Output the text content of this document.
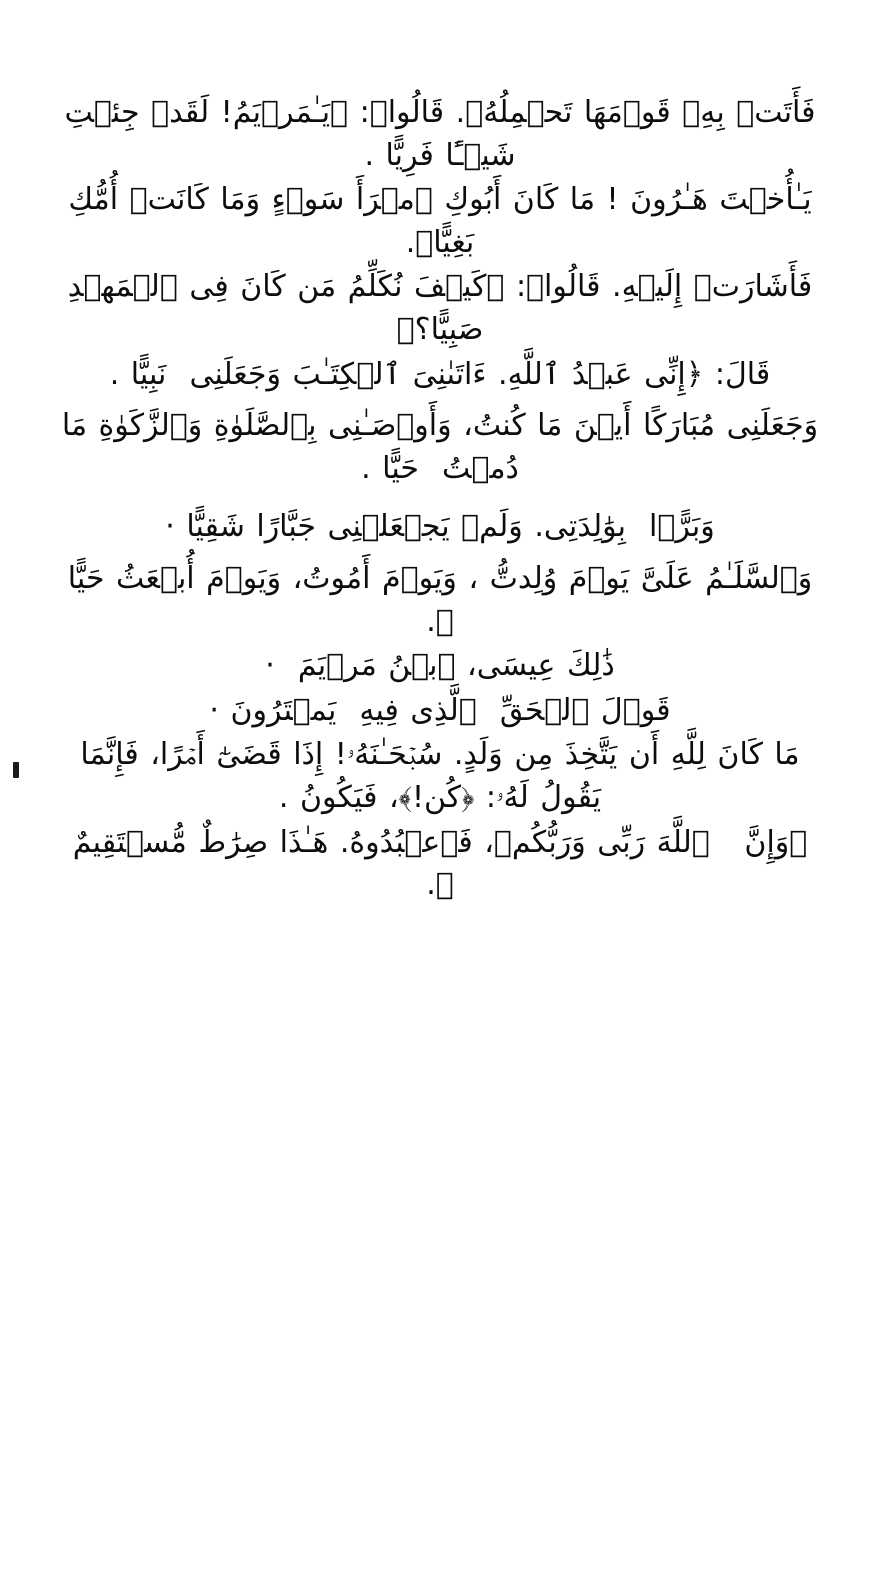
فَأَتَتۡ بِهِۦ قَوۡمَهَا تَحۡمِلُهُۥ. قَالُوا۟: ﴿يَـٰمَرۡيَمُ! لَقَدۡ جِئۡتِ شَيۡـًٔا فَرِيًّا .

يَـٰأُخۡتَ هَـٰرُونَ ! مَا كَانَ أَبُوكِ ٱمۡرَأَ سَوۡءٍ وَمَا كَانَتۡ أُمُّكِ بَغِيًّا﴾.

فَأَشَارَتۡ إِلَيۡهِ. قَالُوا۟: ﴿كَيۡفَ نُكَلِّمُ مَن كَانَ فِى ٱلۡمَهۡدِ صَبِيًّا؟﴾

قَالَ: ﴿إِنِّى عَبۡدُ ٱللَّهِ. ءَاتَىٰنِىَ ٱلۡكِتَـٰبَ وَجَعَلَنِى  نَبِيًّا .

وَجَعَلَنِى مُبَارَكًا أَيۡنَ مَا كُنتُ، وَأَوۡصَـٰنِى بِٱلصَّلَوٰةِ وَٱلزَّكَوٰةِ مَا دُمۡتُ  حَيًّا .

وَبَرًّۢا  بِوَٰلِدَتِى. وَلَمۡ يَجۡعَلۡنِى جَبَّارًا شَقِيًّا ·

وَٱلسَّلَـٰمُ عَلَىَّ يَوۡمَ وُلِدتُّ ، وَيَوۡمَ أَمُوتُ، وَيَوۡمَ أُبۡعَثُ حَيًّا   ﴾.

ذَٰلِكَ عِيسَى، ٱبۡنُ مَرۡيَمَ  ·

قَوۡلَ ٱلۡحَقِّ  ٱلَّذِى فِيهِ  يَمۡتَرُونَ ·

مَا كَانَ لِلَّهِ أَن يَتَّخِذَ مِن وَلَدٍ. سُبۡحَـٰنَهُۥ! إِذَا قَضَىٰٓ أَمۡرًا، فَإِنَّمَا يَقُولُ لَهُۥ: ﴿كُن!﴾، فَيَكُونُ .

﴿وَإِنَّ   ٱللَّهَ رَبِّى وَرَبُّكُمۡ، فَٱعۡبُدُوهُ. هَـٰذَا صِرَٰطٌ مُّسۡتَقِيمٌ ﴾.
